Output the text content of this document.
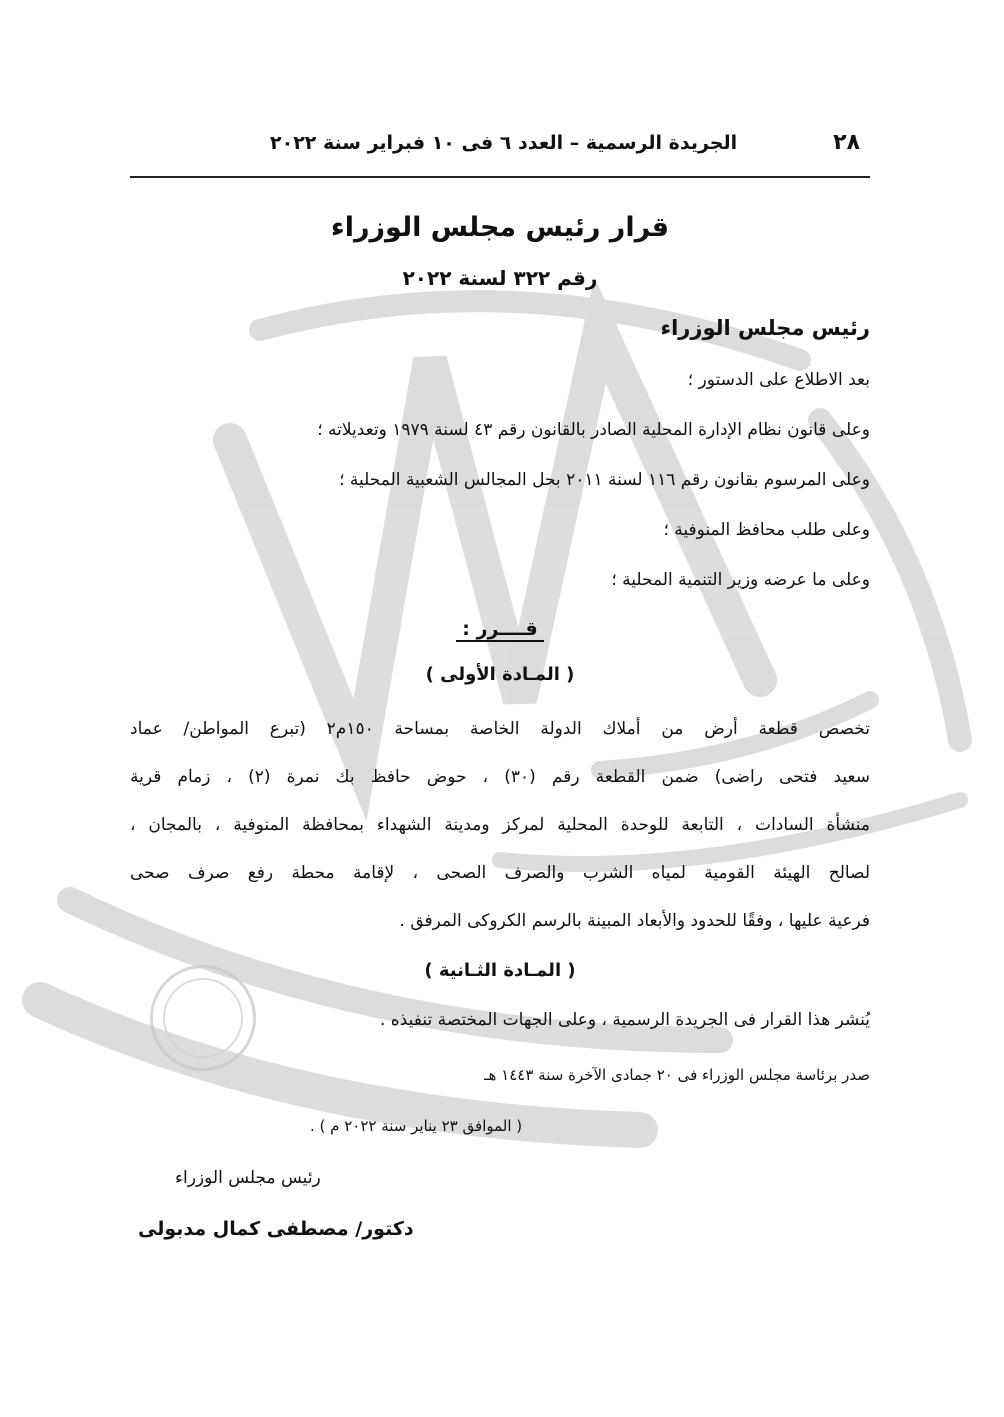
٢٨
الجريدة الرسمية – العدد ٦ فى ١٠ فبراير سنة ٢٠٢٢
قرار رئيس مجلس الوزراء
رقم ٣٢٢ لسنة ٢٠٢٢
رئيس مجلس الوزراء
بعد الاطلاع على الدستور ؛
وعلى قانون نظام الإدارة المحلية الصادر بالقانون رقم ٤٣ لسنة ١٩٧٩ وتعديلاته ؛
وعلى المرسوم بقانون رقم ١١٦ لسنة ٢٠١١ بحل المجالس الشعبية المحلية ؛
وعلى طلب محافظ المنوفية ؛
وعلى ما عرضه وزير التنمية المحلية ؛
قــــرر :
( المـادة الأولى )
تخصص قطعة أرض من أملاك الدولة الخاصة بمساحة ١٥٠م٢ (تبرع المواطن/ عماد
سعيد فتحى راضى) ضمن القطعة رقم (٣٠) ، حوض حافظ بك نمرة (٢) ، زمام قرية
منشأة السادات ، التابعة للوحدة المحلية لمركز ومدينة الشهداء بمحافظة المنوفية ، بالمجان ،
لصالح الهيئة القومية لمياه الشرب والصرف الصحى ، لإقامة محطة رفع صرف صحى
فرعية عليها ، وفقًا للحدود والأبعاد المبينة بالرسم الكروكى المرفق .
( المـادة الثـانية )
يُنشر هذا القرار فى الجريدة الرسمية ، وعلى الجهات المختصة تنفيذه .
صدر برئاسة مجلس الوزراء فى ٢٠ جمادى الآخرة سنة ١٤٤٣ هـ
( الموافق ٢٣ يناير سنة ٢٠٢٢ م ) .
رئيس مجلس الوزراء
دكتور/ مصطفى كمال مدبولى
